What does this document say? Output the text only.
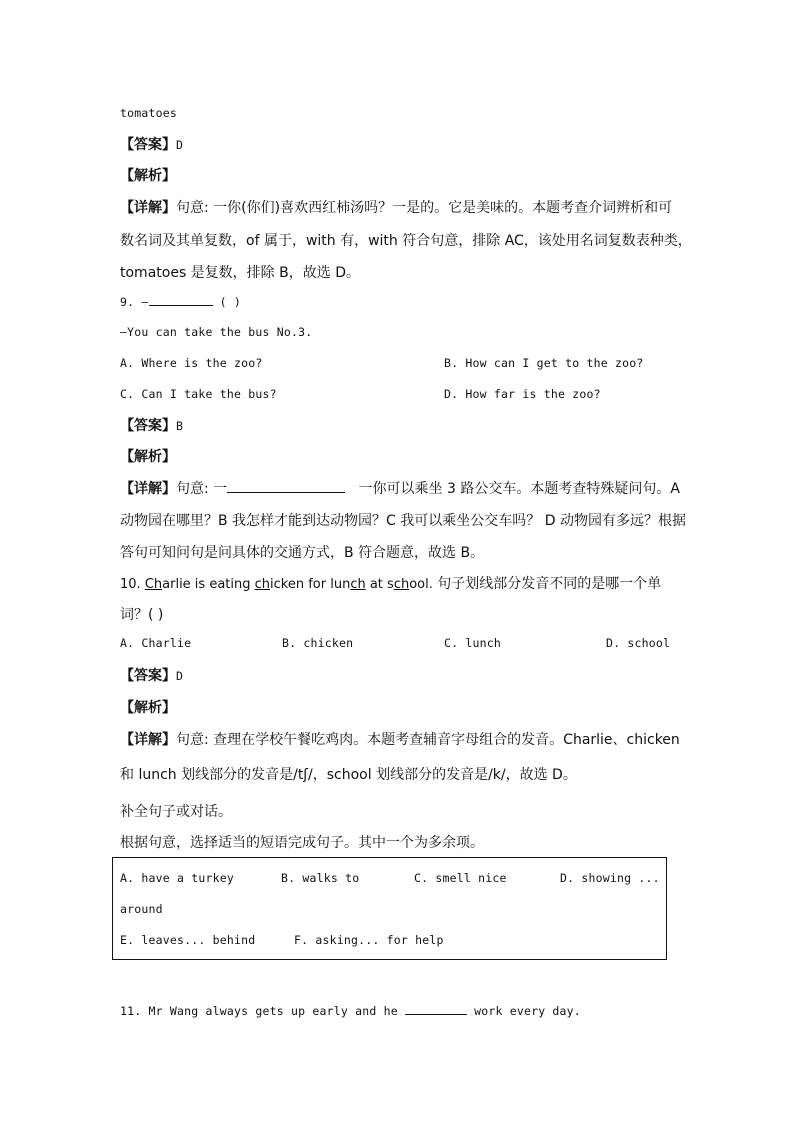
tomatoes
【答案】D
【解析】
【详解】句意: 一你(你们)喜欢西红柿汤吗？一是的。它是美味的。本题考查介词辨析和可
数名词及其单复数，of 属于，with 有，with 符合句意，排除 AC，该处用名词复数表种类，
tomatoes 是复数，排除 B，故选 D。
9. —	( )
—You can take the bus No.3.
A. Where is the zoo?	B. How can I get to the zoo?
C. Can I take the bus?	D. How far is the zoo?
【答案】B
【解析】
【详解】句意: 一	一你可以乘坐 3 路公交车。本题考查特殊疑问句。A
动物园在哪里？B 我怎样才能到达动物园？C 我可以乘坐公交车吗？ D 动物园有多远？根据
答句可知问句是问具体的交通方式，B 符合题意，故选 B。
10. Charlie is eating chicken for lunch at school. 句子划线部分发音不同的是哪一个单
词？( )
A. Charlie	B. chicken	C. lunch	D. school
【答案】D
【解析】
【详解】句意: 查理在学校午餐吃鸡肉。本题考查辅音字母组合的发音。Charlie、chicken
和 lunch 划线部分的发音是/tʃ/，school 划线部分的发音是/k/，故选 D。
补全句子或对话。
根据句意，选择适当的短语完成句子。其中一个为多余项。
A. have a turkey	B. walks to	C. smell nice	D. showing ...
around
E. leaves... behind	F. asking... for help
11. Mr Wang always gets up early and he	work every day.
